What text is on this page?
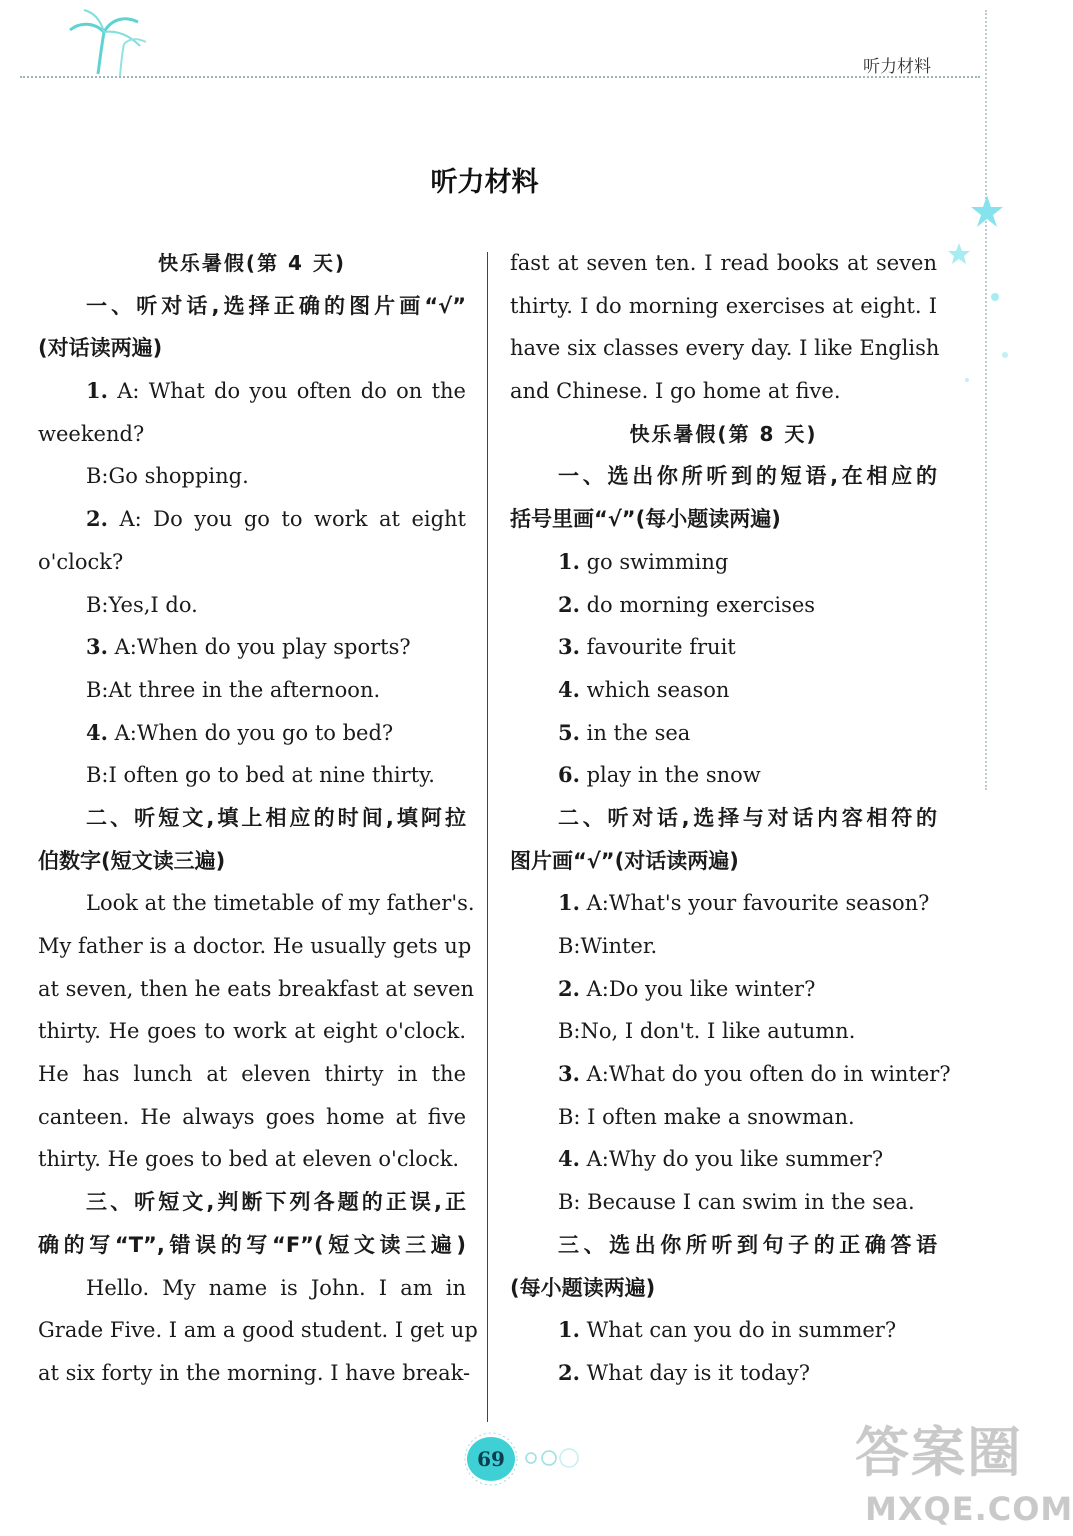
听力材料
听力材料
快乐暑假(第 4 天)
一、听对话,选择正确的图片画“√”
(对话读两遍)
1. A: What do you often do on the
weekend?
B:Go shopping.
2. A: Do you go to work at eight
o'clock?
B:Yes,I do.
3. A:When do you play sports?
B:At three in the afternoon.
4. A:When do you go to bed?
B:I often go to bed at nine thirty.
二、听短文,填上相应的时间,填阿拉
伯数字(短文读三遍)
Look at the timetable of my father's.
My father is a doctor. He usually gets up
at seven, then he eats breakfast at seven
thirty. He goes to work at eight o'clock.
He has lunch at eleven thirty in the
canteen. He always goes home at five
thirty. He goes to bed at eleven o'clock.
三、听短文,判断下列各题的正误,正
确的写“T”,错误的写“F”(短文读三遍)
Hello. My name is John. I am in
Grade Five. I am a good student. I get up
at six forty in the morning. I have break-
fast at seven ten. I read books at seven
thirty. I do morning exercises at eight. I
have six classes every day. I like English
and Chinese. I go home at five.
快乐暑假(第 8 天)
一、选出你所听到的短语,在相应的
括号里画“√”(每小题读两遍)
1. go swimming
2. do morning exercises
3. favourite fruit
4. which season
5. in the sea
6. play in the snow
二、听对话,选择与对话内容相符的
图片画“√”(对话读两遍)
1. A:What's your favourite season?
B:Winter.
2. A:Do you like winter?
B:No, I don't. I like autumn.
3. A:What do you often do in winter?
B: I often make a snowman.
4. A:Why do you like summer?
B: Because I can swim in the sea.
三、选出你所听到句子的正确答语
(每小题读两遍)
1. What can you do in summer?
2. What day is it today?
69	答案圈
MXQE.COM
